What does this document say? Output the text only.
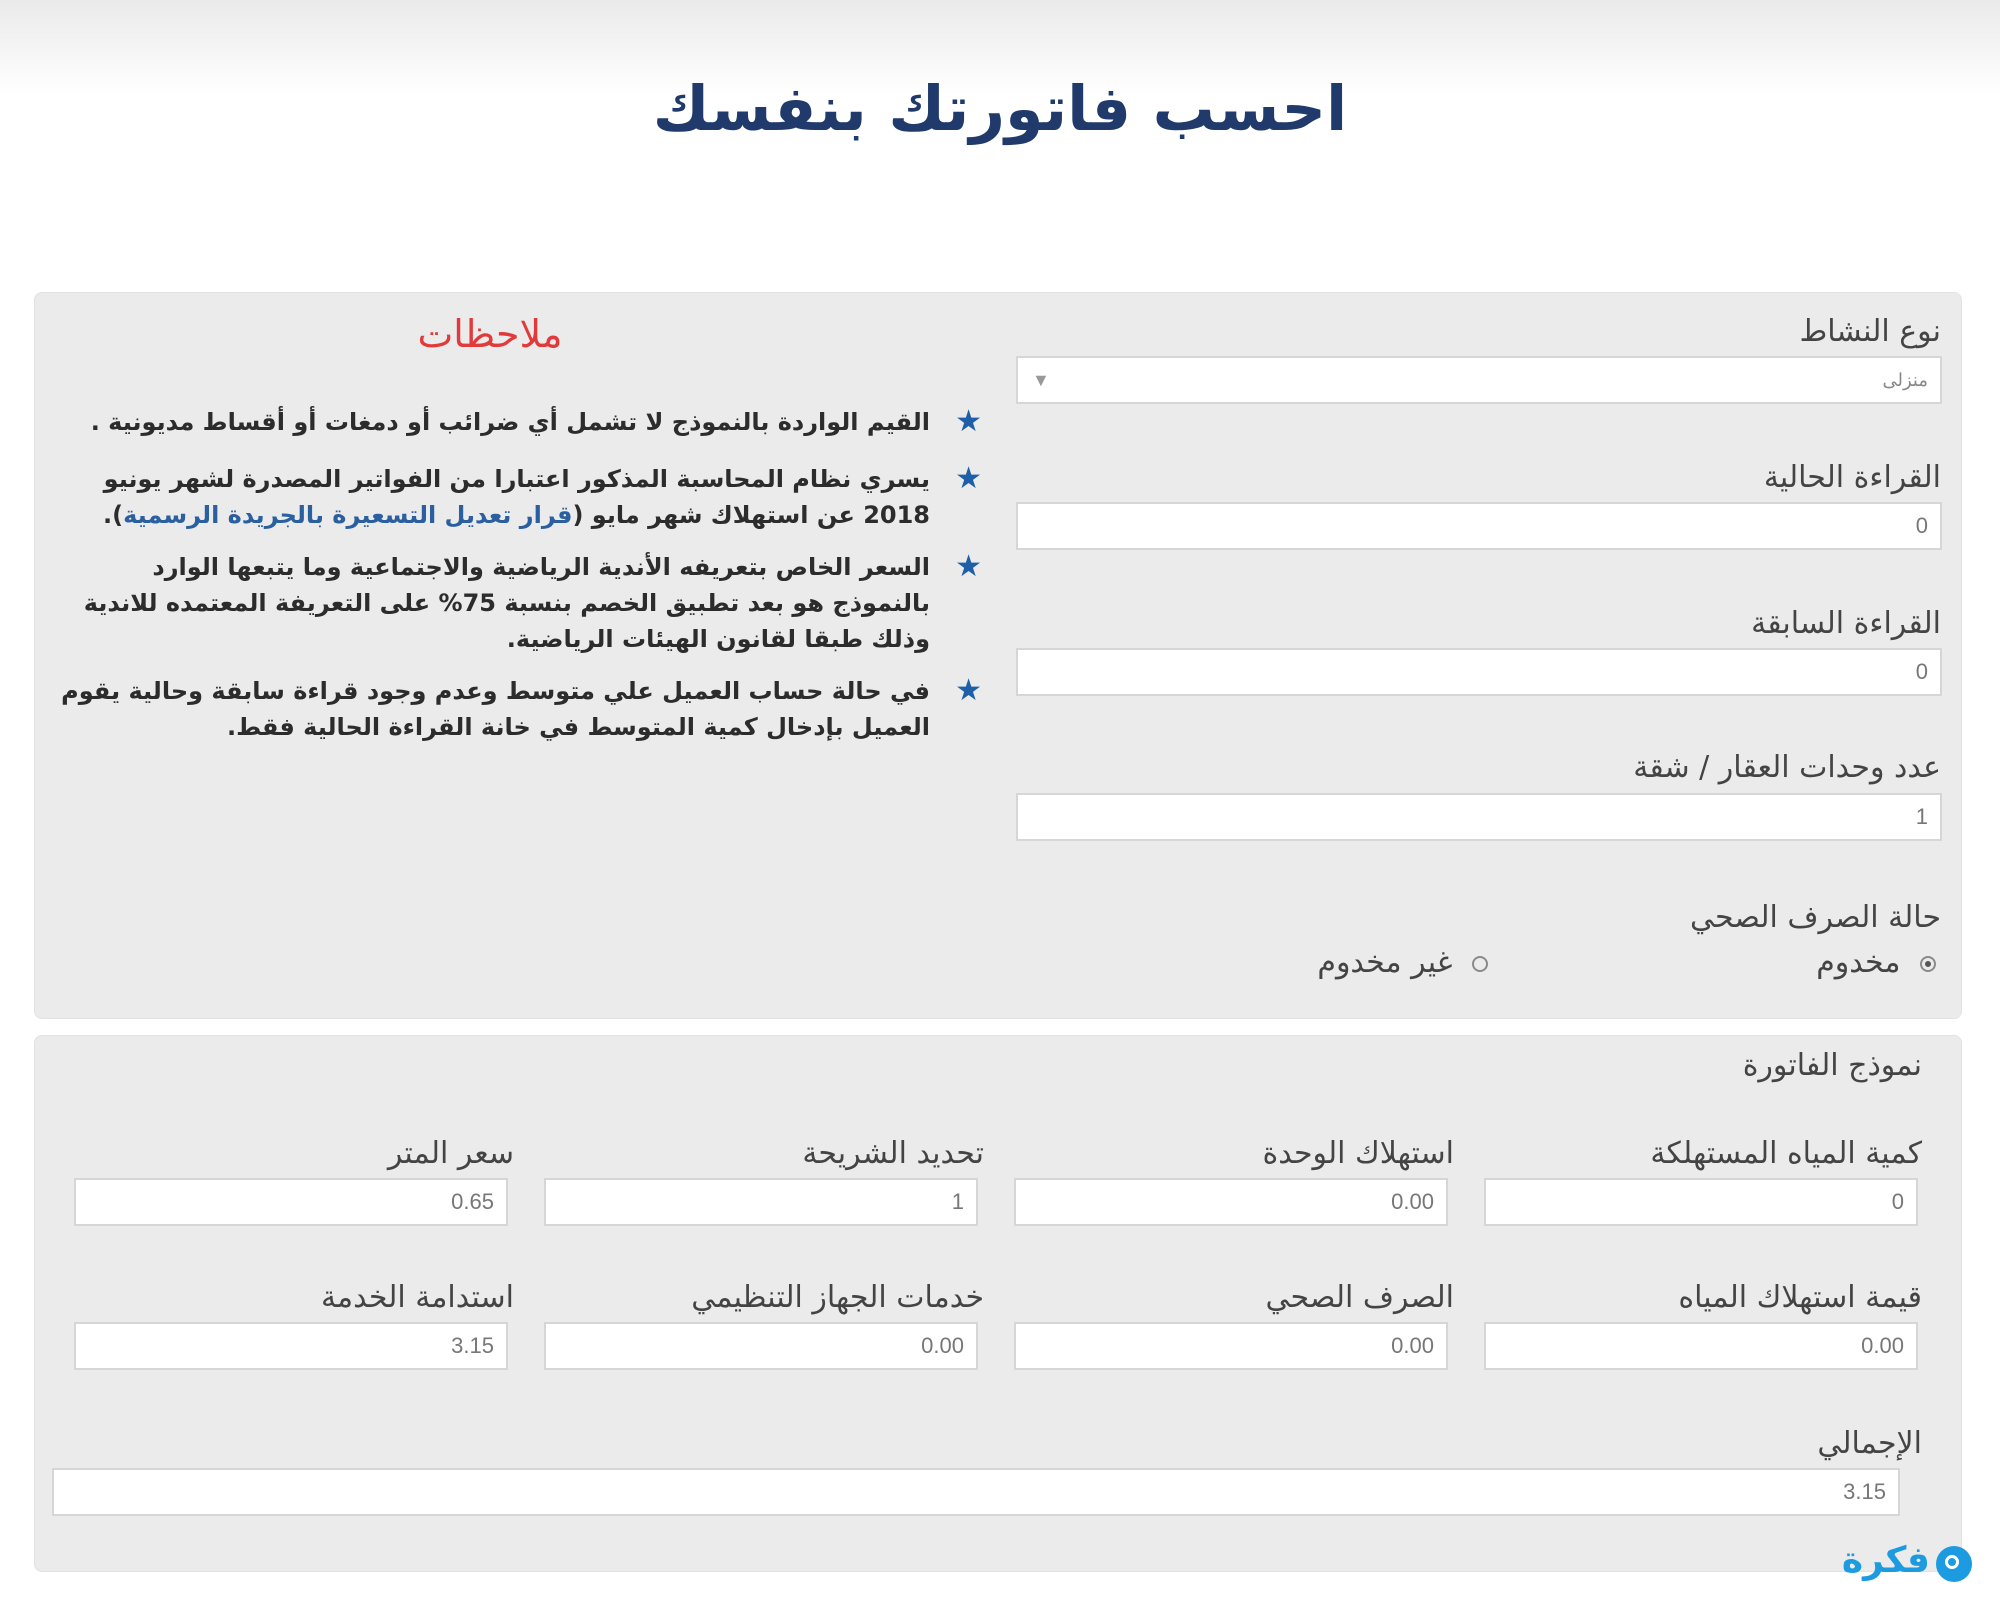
احسب فاتورتك بنفسك
نوع النشاط
منزلى
▼
القراءة الحالية
0
القراءة السابقة
0
عدد وحدات العقار / شقة
1
حالة الصرف الصحي
مخدوم
غير مخدوم
ملاحظات
★
القيم الواردة بالنموذج لا تشمل أي ضرائب أو دمغات أو أقساط مديونية .
★
يسري نظام المحاسبة المذكور اعتبارا من الفواتير المصدرة لشهر يونيو 2018 عن استهلاك شهر مايو (قرار تعديل التسعيرة بالجريدة الرسمية).
★
السعر الخاص بتعريفه الأندية الرياضية والاجتماعية وما يتبعها الوارد بالنموذج هو بعد تطبيق الخصم بنسبة 75% على التعريفة المعتمده للاندية وذلك طبقا لقانون الهيئات الرياضية.
★
في حالة حساب العميل علي متوسط وعدم وجود قراءة سابقة وحالية يقوم العميل بإدخال كمية المتوسط في خانة القراءة الحالية فقط.
نموذج الفاتورة
كمية المياه المستهلكة
استهلاك الوحدة
تحديد الشريحة
سعر المتر
0
0.00
1
0.65
قيمة استهلاك المياه
الصرف الصحي
خدمات الجهاز التنظيمي
استدامة الخدمة
0.00
0.00
0.00
3.15
الإجمالي
3.15
فكرة
